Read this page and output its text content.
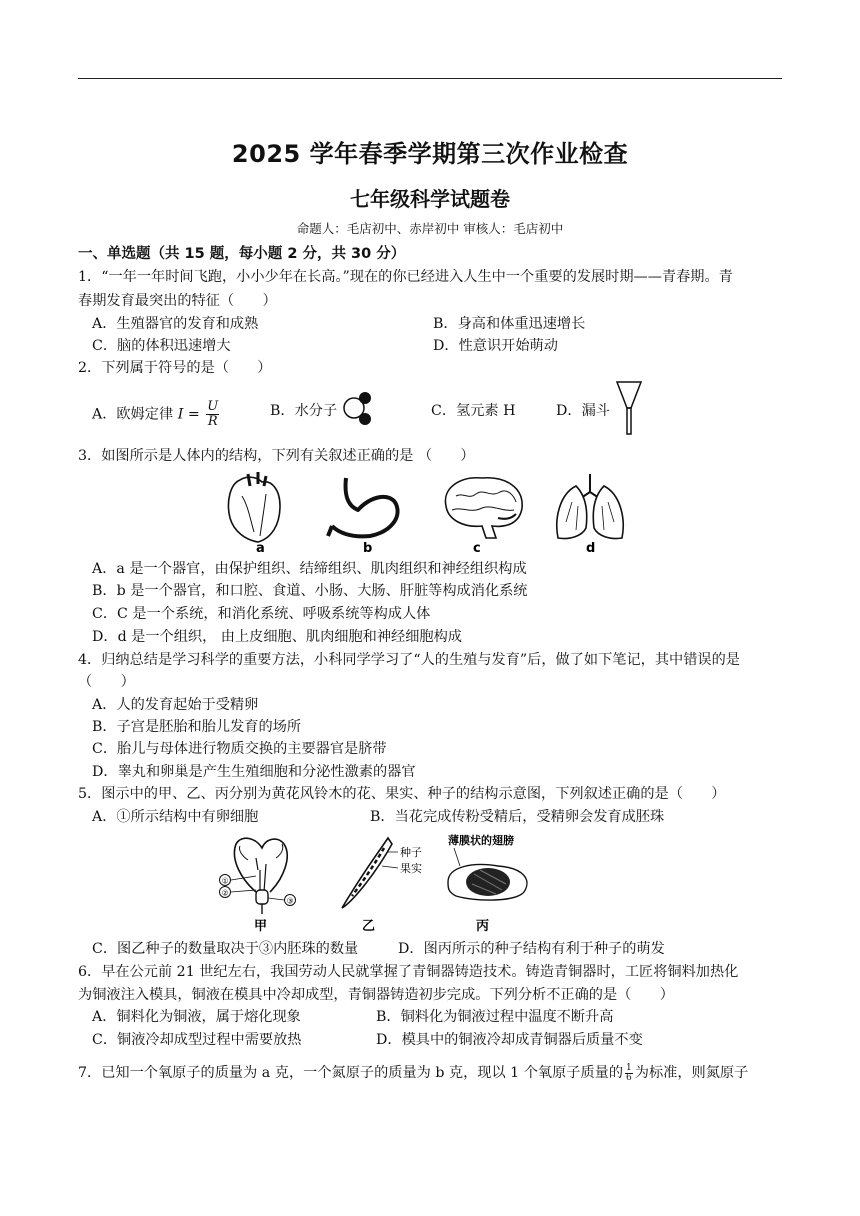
2025 学年春季学期第三次作业检查
七年级科学试题卷
命题人：毛店初中、赤岸初中 审核人：毛店初中
一、单选题（共 15 题，每小题 2 分，共 30 分）
1．“一年一年时间飞跑，小小少年在长高。”现在的你已经进入人生中一个重要的发展时期——青春期。青
春期发育最突出的特征（　　）
A．生殖器官的发育和成熟	B．身高和体重迅速增长
C．脑的体积迅速增大	D．性意识开始萌动
2．下列属于符号的是（　　）
A．欧姆定律 $I = \frac{U}{R}$	B．水分子	C．氢元素 H	D．漏斗
3．如图所示是人体内的结构，下列有关叙述正确的是 （　　）
a	b	c	d
A．a 是一个器官，由保护组织、结缔组织、肌肉组织和神经组织构成
B．b 是一个器官，和口腔、食道、小肠、大肠、肝脏等构成消化系统
C．C 是一个系统，和消化系统、呼吸系统等构成人体
D．d 是一个组织， 由上皮细胞、肌肉细胞和神经细胞构成
4．归纳总结是学习科学的重要方法，小科同学学习了“人的生殖与发育”后，做了如下笔记，其中错误的是
（　　）
A．人的发育起始于受精卵
B．子宫是胚胎和胎儿发育的场所
C．胎儿与母体进行物质交换的主要器官是脐带
D．睾丸和卵巢是产生生殖细胞和分泌性激素的器官
5．图示中的甲、乙、丙分别为黄花风铃木的花、果实、种子的结构示意图，下列叙述正确的是（　　）
A．①所示结构中有卵细胞	B．当花完成传粉受精后，受精卵会发育成胚珠
①
②
③
种子
果实
薄膜状的翅膀
甲	乙	丙
C．图乙种子的数量取决于③内胚珠的数量	D．图丙所示的种子结构有利于种子的萌发
6．早在公元前 21 世纪左右，我国劳动人民就掌握了青铜器铸造技术。铸造青铜器时，工匠将铜料加热化
为铜液注入模具，铜液在模具中冷却成型，青铜器铸造初步完成。下列分析不正确的是（　　）
A．铜料化为铜液，属于熔化现象	B．铜料化为铜液过程中温度不断升高
C．铜液冷却成型过程中需要放热	D．模具中的铜液冷却成青铜器后质量不变
7．已知一个氧原子的质量为 a 克，一个氮原子的质量为 b 克，现以 1 个氧原子质量的 $\frac{1}{6}$ 为标准，则氮原子
